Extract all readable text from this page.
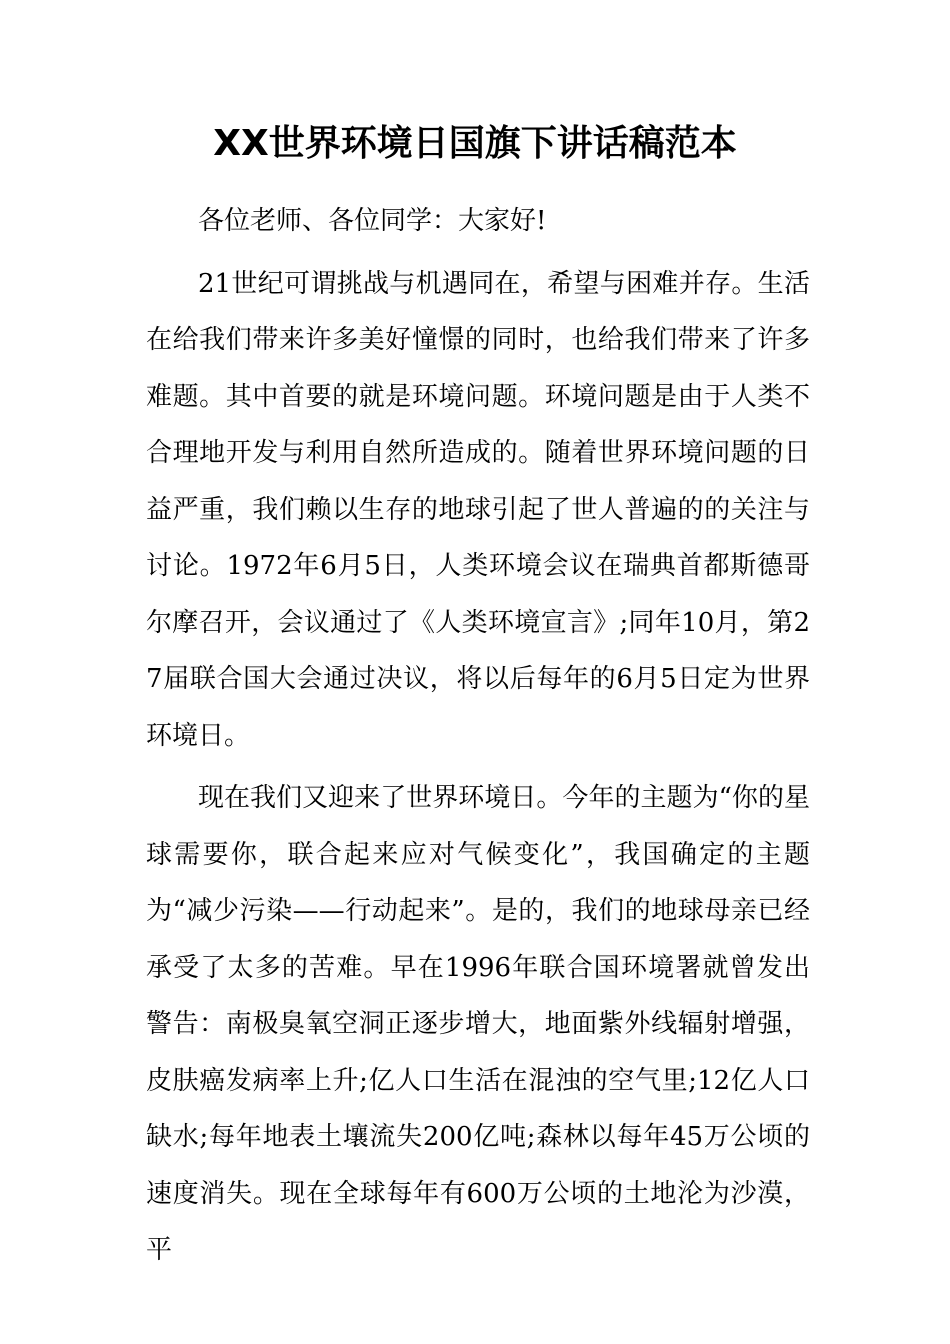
XX世界环境日国旗下讲话稿范本

各位老师、各位同学：大家好!

21世纪可谓挑战与机遇同在，希望与困难并存。生活在给我们带来许多美好憧憬的同时，也给我们带来了许多难题。其中首要的就是环境问题。环境问题是由于人类不合理地开发与利用自然所造成的。随着世界环境问题的日益严重，我们赖以生存的地球引起了世人普遍的的关注与讨论。1972年6月5日，人类环境会议在瑞典首都斯德哥尔摩召开，会议通过了《人类环境宣言》;同年10月，第27届联合国大会通过决议，将以后每年的6月5日定为世界环境日。

现在我们又迎来了世界环境日。今年的主题为“你的星球需要你，联合起来应对气候变化”，我国确定的主题为“减少污染——行动起来”。是的，我们的地球母亲已经承受了太多的苦难。早在1996年联合国环境署就曾发出警告：南极臭氧空洞正逐步增大，地面紫外线辐射增强，皮肤癌发病率上升;亿人口生活在混浊的空气里;12亿人口缺水;每年地表土壤流失200亿吨;森林以每年45万公顷的速度消失。现在全球每年有600万公顷的土地沦为沙漠，平
